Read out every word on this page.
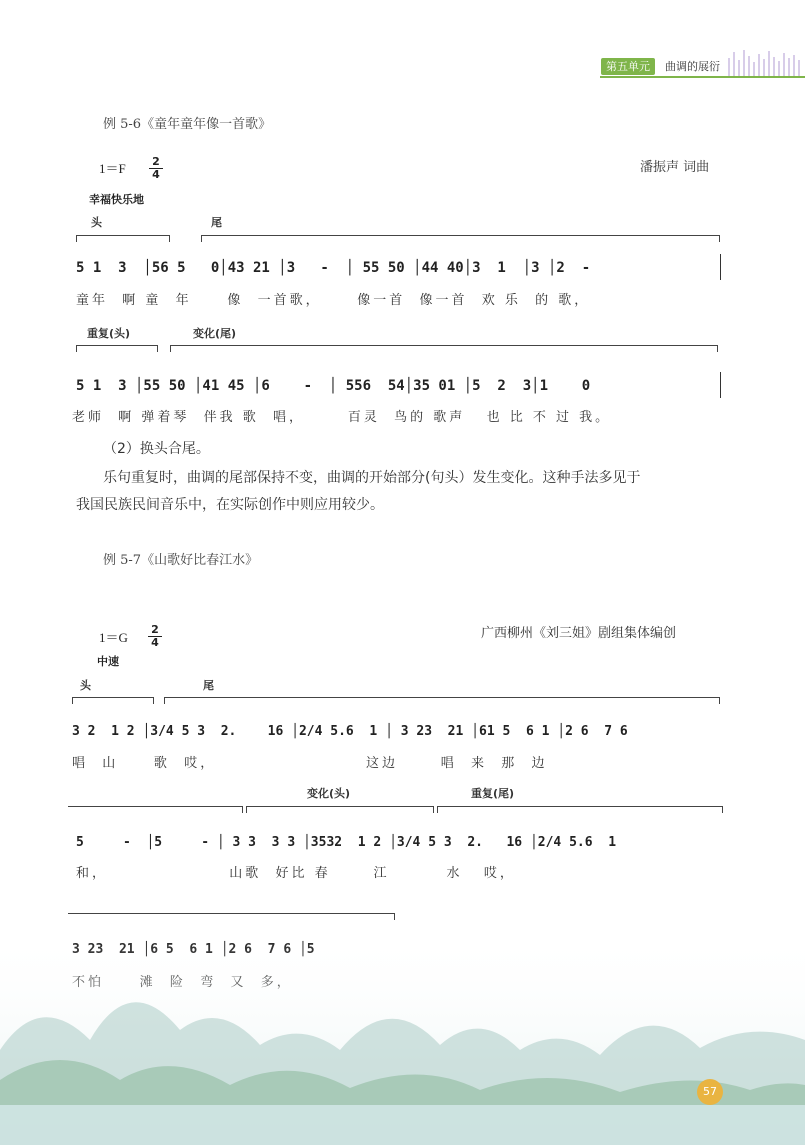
第五单元	曲调的展衍
例 5-6《童年童年像一首歌》
$1=F \frac{2}{4}$
幸福快乐地
潘振声 词曲
头	尾
5 1  3  │56 5   0│43 21 │3   -  │ 55 50 │44 40│3  1  │3 │2  -
童年  啊 童  年     像  一首歌，     像一首  像一首  欢 乐  的 歌，
重复(头)	变化(尾)
5 1  3 │55 50 │41 45 │6    -  │ 556  54│35 01 │5  2  3│1    0
老师  啊 弹着琴  伴我 歌  唱，      百灵  鸟的 歌声   也 比 不 过 我。
（2）换头合尾。
乐句重复时，曲调的尾部保持不变，曲调的开始部分(句头）发生变化。这种手法多见于
我国民族民间音乐中，在实际创作中则应用较少。
例 5-7《山歌好比春江水》
$1=G \frac{2}{4}$
中速
广西柳州《刘三姐》剧组集体编创
头	尾
3 2  1 2 │3/4 5 3  2.    16 │2/4 5.6  1 │ 3 23  21 │61 5  6 1 │2 6  7 6
唱  山     歌  哎，                     这边      唱  来  那  边
变化(头)	重复(尾)
5     -  │5     - │ 3 3  3 3 │3532  1 2 │3/4 5 3  2.   16 │2/4 5.6  1
和，                 山歌  好比 春      江        水   哎，
57
